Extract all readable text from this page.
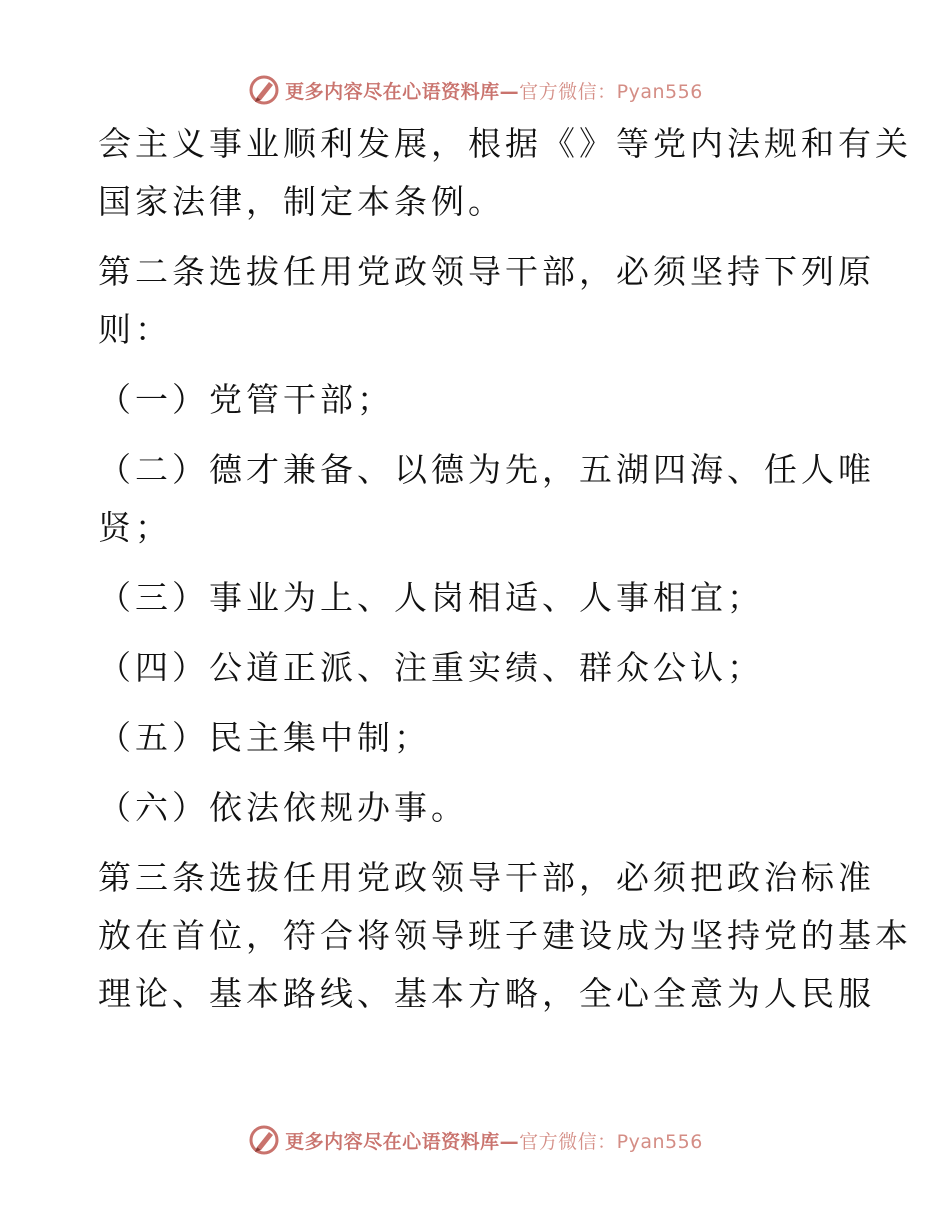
更多内容尽在心语资料库— 官方微信：Pyan556

会主义事业顺利发展，根据《》等党内法规和有关
国家法律，制定本条例。

第二条选拔任用党政领导干部，必须坚持下列原
则：

（一）党管干部；

（二）德才兼备、以德为先，五湖四海、任人唯
贤；

（三）事业为上、人岗相适、人事相宜；

（四）公道正派、注重实绩、群众公认；

（五）民主集中制；

（六）依法依规办事。

第三条选拔任用党政领导干部，必须把政治标准
放在首位，符合将领导班子建设成为坚持党的基本
理论、基本路线、基本方略，全心全意为人民服

更多内容尽在心语资料库— 官方微信：Pyan556
